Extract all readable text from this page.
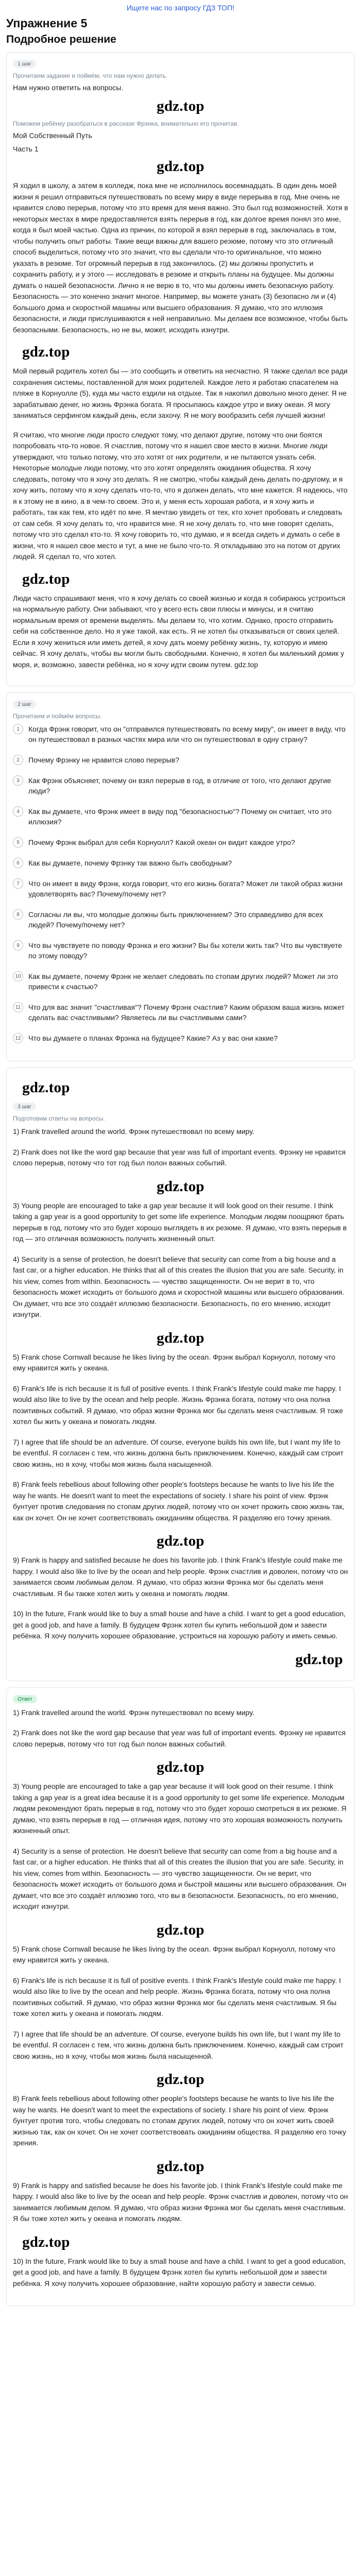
Ищете нас по запросу ГДЗ ТОП!
Упражнение 5
Подробное решение
1 шаг
Прочитаем задание и поймём, что нам нужно делать.
Нам нужно ответить на вопросы.
gdz.top
Поможем ребёнку разобраться в рассказе Фрэнка, внимательно его прочитав.
Мой Собственный Путь
Часть 1
gdz.top

Я ходил в школу, а затем в колледж, пока мне не исполнилось восемнадцать. В один день моей жизни я решил отправиться путешествовать по всему миру в виде перерыва в год. Мне очень не нравится слово перерыв, потому что это время для меня важно. Это был год возможностей. Хотя в некоторых местах в мире предоставляется взять перерыв в год, как долгое время понял это мне, когда я был моей частью. Одна из причин, по которой я взял перерыв в год, заключалась в том, чтобы получить опыт работы. Такие вещи важны для вашего резюме, потому что это отличный способ выделиться, потому что это значит, что вы сделали что-то оригинальное, что можно указать в резюме. Тот огромный перерыв в год закончилось. (2) мы должны пропустить и сохранить работу, и у этого — исследовать в резюме и открыть планы на будущее. Мы должны думать о нашей безопасности. Лично я не верю в то, что мы должны иметь безопасную работу. Безопасность — это конечно значит многое. Например, вы можете узнать (3) безопасно ли и (4) большого дома и скоростной машины или высшего образования. Я думаю, что это иллюзия безопасности, и люди прислушиваются к ней неправильно. Мы делаем все возможное, чтобы быть безопасными. Безопасность, но не вы, может, исходить изнутри.

gdz.top

Мой первый родитель хотел бы — это сообщить и ответить на несчастно. Я также сделал все ради сохранения системы, поставленной для моих родителей. Каждое лето я работаю спасателем на пляже в Корнуолле (5), куда мы часто ездили на отдыхе. Так я накопил довольно много денег. Я не зарабатываю денег, но жизнь Фрэнка богата. Я просыпаюсь каждое утро и вижу океан. Я могу заниматься серфингом каждый день, если захочу. Я не могу вообразить себя лучшей жизни!

Я считаю, что многие люди просто следуют тому, что делают другие, потому что они боятся попробовать что-то новое. Я счастлив, потому что я нашел свое место в жизни. Многие люди утверждают, что только потому, что это хотят от них родители, и не пытаются узнать себя. Некоторые молодые люди потому, что это хотят определять ожидания общества. Я хочу следовать, потому что я хочу это делать. Я не смотрю, чтобы каждый день делать по-другому, и я хочу жить, потому что я хочу сделать что-то, что я должен делать, что мне кажется. Я надеюсь, что я к этому не в кино, а в чем-то своем. Это и, у меня есть хорошая работа, и я хочу жить и работать, так как тем, кто идёт по мне. Я мечтаю увидеть от тех, кто хочет пробовать и следовать от сам себя. Я хочу делать то, что нравится мне. Я не хочу делать то, что мне говорят сделать, потому что это сделал кто-то. Я хочу говорить то, что думаю, и я всегда сидеть и думать о себе в жизни, что я нашел свое место и тут, а мне не было что-то. Я откладываю это на потом от других людей. Я сделал то, что хотел.

gdz.top

Люди часто спрашивают меня, что я хочу делать со своей жизнью и когда я собираюсь устроиться на нормальную работу. Они забывают, что у всего есть свои плюсы и минусы, и я считаю нормальным время от времени выделять. Мы делаем то, что хотим. Однако, просто отправить себя на собственное дело. Но я уже такой, как есть. Я не хотел бы отказываться от своих целей. Если я хочу жениться или иметь детей, я хочу дать моему ребёнку жизнь, ту, которую и имею сейчас. Я хочу делать, чтобы вы могли быть свободными. Конечно, я хотел бы маленький домик у моря, и, возможно, завести ребёнка, но я хочу идти своим путем. gdz.top

2 шаг
Прочитаем и поймём вопросы.
1	Когда Фрэнк говорит, что он "отправился путешествовать по всему миру", он имеет в виду, что он путешествовал в разных частях мира или что он путешествовал в одну страну?
2	Почему Фрэнку не нравится слово перерыв?
3	Как Фрэнк объясняет, почему он взял перерыв в год, в отличие от того, что делают другие люди?
4	Как вы думаете, что Фрэнк имеет в виду под "безопасностью"? Почему он считает, что это иллюзия?
5	Почему Фрэнк выбрал для себя Корнуолл? Какой океан он видит каждое утро?
6	Как вы думаете, почему Фрэнку так важно быть свободным?
7	Что он имеет в виду Фрэнк, когда говорит, что его жизнь богата? Может ли такой образ жизни удовлетворять вас? Почему/почему нет?
8	Согласны ли вы, что молодые должны быть приключением? Это справедливо для всех людей? Почему/почему нет?
9	Что вы чувствуете по поводу Фрэнка и его жизни? Вы бы хотели жить так? Что вы чувствуете по этому поводу?
10	Как вы думаете, почему Фрэнк не желает следовать по стопам других людей? Может ли это привести к счастью?
11	Что для вас значит "счастливая"? Почему Фрэнк счастлив? Каким образом ваша жизнь может сделать вас счастливыми? Являетесь ли вы счастливыми сами?
12	Что вы думаете о планах Фрэнка на будущее? Какие? Аз у вас они какие?
gdz.top
3 шаг
Подготовим ответы на вопросы.

1) Frank travelled around the world. Фрэнк путешествовал по всему миру.

2) Frank does not like the word gap because that year was full of important events. Фрэнку не нравится слово перерыв, потому что тот год был полон важных событий.

gdz.top

3) Young people are encouraged to take a gap year because it will look good on their resume. I think taking a gap year is a good opportunity to get some life experience. Молодым людям поощряют брать перерыв в год, потому что это будет хорошо выглядеть в их резюме. Я думаю, что взять перерыв в год — это отличная возможность получить жизненный опыт.

4) Security is a sense of protection, he doesn't believe that security can come from a big house and a fast car, or a higher education. He thinks that all of this creates the illusion that you are safe. Security, in his view, comes from within. Безопасность — чувство защищенности. Он не верит в то, что безопасность может исходить от большого дома и скоростной машины или высшего образования. Он думает, что все это создаёт иллюзию безопасности. Безопасность, по его мнению, исходит изнутри.

gdz.top

5) Frank chose Cornwall because he likes living by the ocean. Фрэнк выбрал Корнуолл, потому что ему нравится жить у океана.

6) Frank's life is rich because it is full of positive events. I think Frank's lifestyle could make me happy. I would also like to live by the ocean and help people. Жизнь Фрэнка богата, потому что она полна позитивных событий. Я думаю, что образ жизни Фрэнка мог бы сделать меня счастливым. Я тоже хотел бы жить у океана и помогать людям.

7) I agree that life should be an adventure. Of course, everyone builds his own life, but I want my life to be eventful. Я согласен с тем, что жизнь должна быть приключением. Конечно, каждый сам строит свою жизнь, но я хочу, чтобы моя жизнь была насыщенной.

8) Frank feels rebellious about following other people's footsteps because he wants to live his life the way he wants. He doesn't want to meet the expectations of society. I share his point of view. Фрэнк бунтует против следования по стопам других людей, потому что он хочет прожить свою жизнь так, как он хочет. Он не хочет соответствовать ожиданиям общества. Я разделяю его точку зрения.

gdz.top

9) Frank is happy and satisfied because he does his favorite job. I think Frank's lifestyle could make me happy. I would also like to live by the ocean and help people. Фрэнк счастлив и доволен, потому что он занимается своим любимым делом. Я думаю, что образ жизни Фрэнка мог бы сделать меня счастливым. Я бы также хотел жить у океана и помогать людям.

10) In the future, Frank would like to buy a small house and have a child. I want to get a good education, get a good job, and have a family. В будущем Фрэнк хотел бы купить небольшой дом и завести ребёнка. Я хочу получить хорошее образование, устроиться на хорошую работу и иметь семью.

gdz.top
Ответ

1) Frank travelled around the world. Фрэнк путешествовал по всему миру.

2) Frank does not like the word gap because that year was full of important events. Фрэнку не нравится слово перерыв, потому что тот год был полон важных событий.

gdz.top

3) Young people are encouraged to take a gap year because it will look good on their resume. I think taking a gap year is a great idea because it is a good opportunity to get some life experience. Молодым людям рекомендуют брать перерыв в год, потому что это будет хорошо смотреться в их резюме. Я думаю, что взять перерыв в год — отличная идея, потому что это хорошая возможность получить жизненный опыт.

4) Security is a sense of protection. He doesn't believe that security can come from a big house and a fast car, or a higher education. He thinks that all of this creates the illusion that you are safe. Security, in his view, comes from within. Безопасность — это чувство защищенности. Он не верит, что безопасность может исходить от большого дома и быстрой машины или высшего образования. Он думает, что все это создаёт иллюзию того, что вы в безопасности. Безопасность, по его мнению, исходит изнутри.

gdz.top

5) Frank chose Cornwall because he likes living by the ocean. Фрэнк выбрал Корнуолл, потому что ему нравится жить у океана.

6) Frank's life is rich because it is full of positive events. I think Frank's lifestyle could make me happy. I would also like to live by the ocean and help people. Жизнь Фрэнка богата, потому что она полна позитивных событий. Я думаю, что образ жизни Фрэнка мог бы сделать меня счастливым. Я бы тоже хотел жить у океана и помогать людям.

7) I agree that life should be an adventure. Of course, everyone builds his own life, but I want my life to be eventful. Я согласен с тем, что жизнь должна быть приключением. Конечно, каждый сам строит свою жизнь, но я хочу, чтобы моя жизнь была насыщенной.

gdz.top

8) Frank feels rebellious about following other people's footsteps because he wants to live his life the way he wants. He doesn't want to meet the expectations of society. I share his point of view. Фрэнк бунтует против того, чтобы следовать по стопам других людей, потому что он хочет жить своей жизнью так, как он хочет. Он не хочет соответствовать ожиданиям общества. Я разделяю его точку зрения.

gdz.top

9) Frank is happy and satisfied because he does his favorite job. I think Frank's lifestyle could make me happy. I would also like to live by the ocean and help people. Фрэнк счастлив и доволен, потому что он занимается любимым делом. Я думаю, что образ жизни Фрэнка мог бы сделать меня счастливым. Я бы тоже хотел жить у океана и помогать людям.

gdz.top

10) In the future, Frank would like to buy a small house and have a child. I want to get a good education, get a good job, and have a family. В будущем Фрэнк хотел бы купить небольшой дом и завести ребёнка. Я хочу получить хорошее образование, найти хорошую работу и завести семью.
